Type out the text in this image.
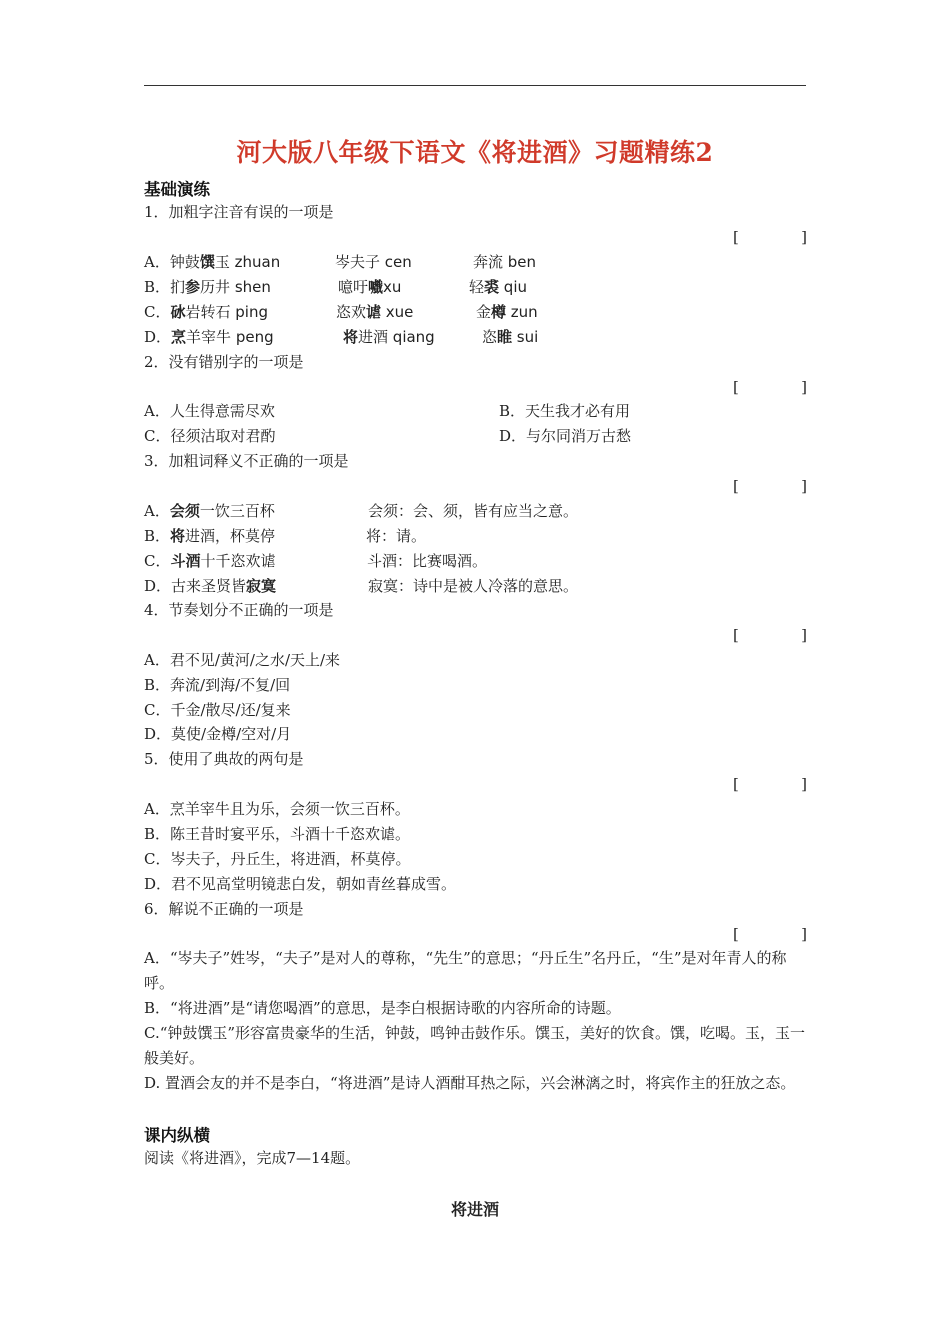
河大版八年级下语文《将进酒》习题精练2
基础演练
1．加粗字注音有误的一项是
[	]
A．钟鼓馔玉 zhuan	岑夫子 cen	奔流 ben
B．扪参历井 shen	噫吁嚱xu	轻裘 qiu
C．砅岩转石 ping	恣欢谑 xue	金樽 zun
D．烹羊宰牛 peng	将进酒 qiang	恣睢 sui
2．没有错别字的一项是
[	]
A．人生得意需尽欢	B．天生我才必有用
C．径须沽取对君酌	D．与尔同消万古愁
3．加粗词释义不正确的一项是
[	]
A．会须一饮三百杯	会须：会、须，皆有应当之意。
B．将进酒，杯莫停	将：请。
C．斗酒十千恣欢谑	斗酒：比赛喝酒。
D．古来圣贤皆寂寞	寂寞：诗中是被人冷落的意思。
4．节奏划分不正确的一项是
[	]
A．君不见/黄河/之水/天上/来
B．奔流/到海/不复/回
C．千金/散尽/还/复来
D．莫使/金樽/空对/月
5．使用了典故的两句是
[	]
A．烹羊宰牛且为乐，会须一饮三百杯。
B．陈王昔时宴平乐，斗酒十千恣欢谑。
C．岑夫子，丹丘生，将进酒，杯莫停。
D．君不见高堂明镜悲白发，朝如青丝暮成雪。
6．解说不正确的一项是
[	]
A．“岑夫子”姓岑，“夫子”是对人的尊称，“先生”的意思；“丹丘生”名丹丘，“生”是对年青人的称呼。
B．“将进酒”是“请您喝酒”的意思，是李白根据诗歌的内容所命的诗题。
C.“钟鼓馔玉”形容富贵豪华的生活，钟鼓，鸣钟击鼓作乐。馔玉，美好的饮食。馔，吃喝。玉，玉一般美好。
D. 置酒会友的并不是李白，“将进酒”是诗人酒酣耳热之际，兴会淋漓之时，将宾作主的狂放之态。
课内纵横
阅读《将进酒》，完成7—14题。
将进酒
